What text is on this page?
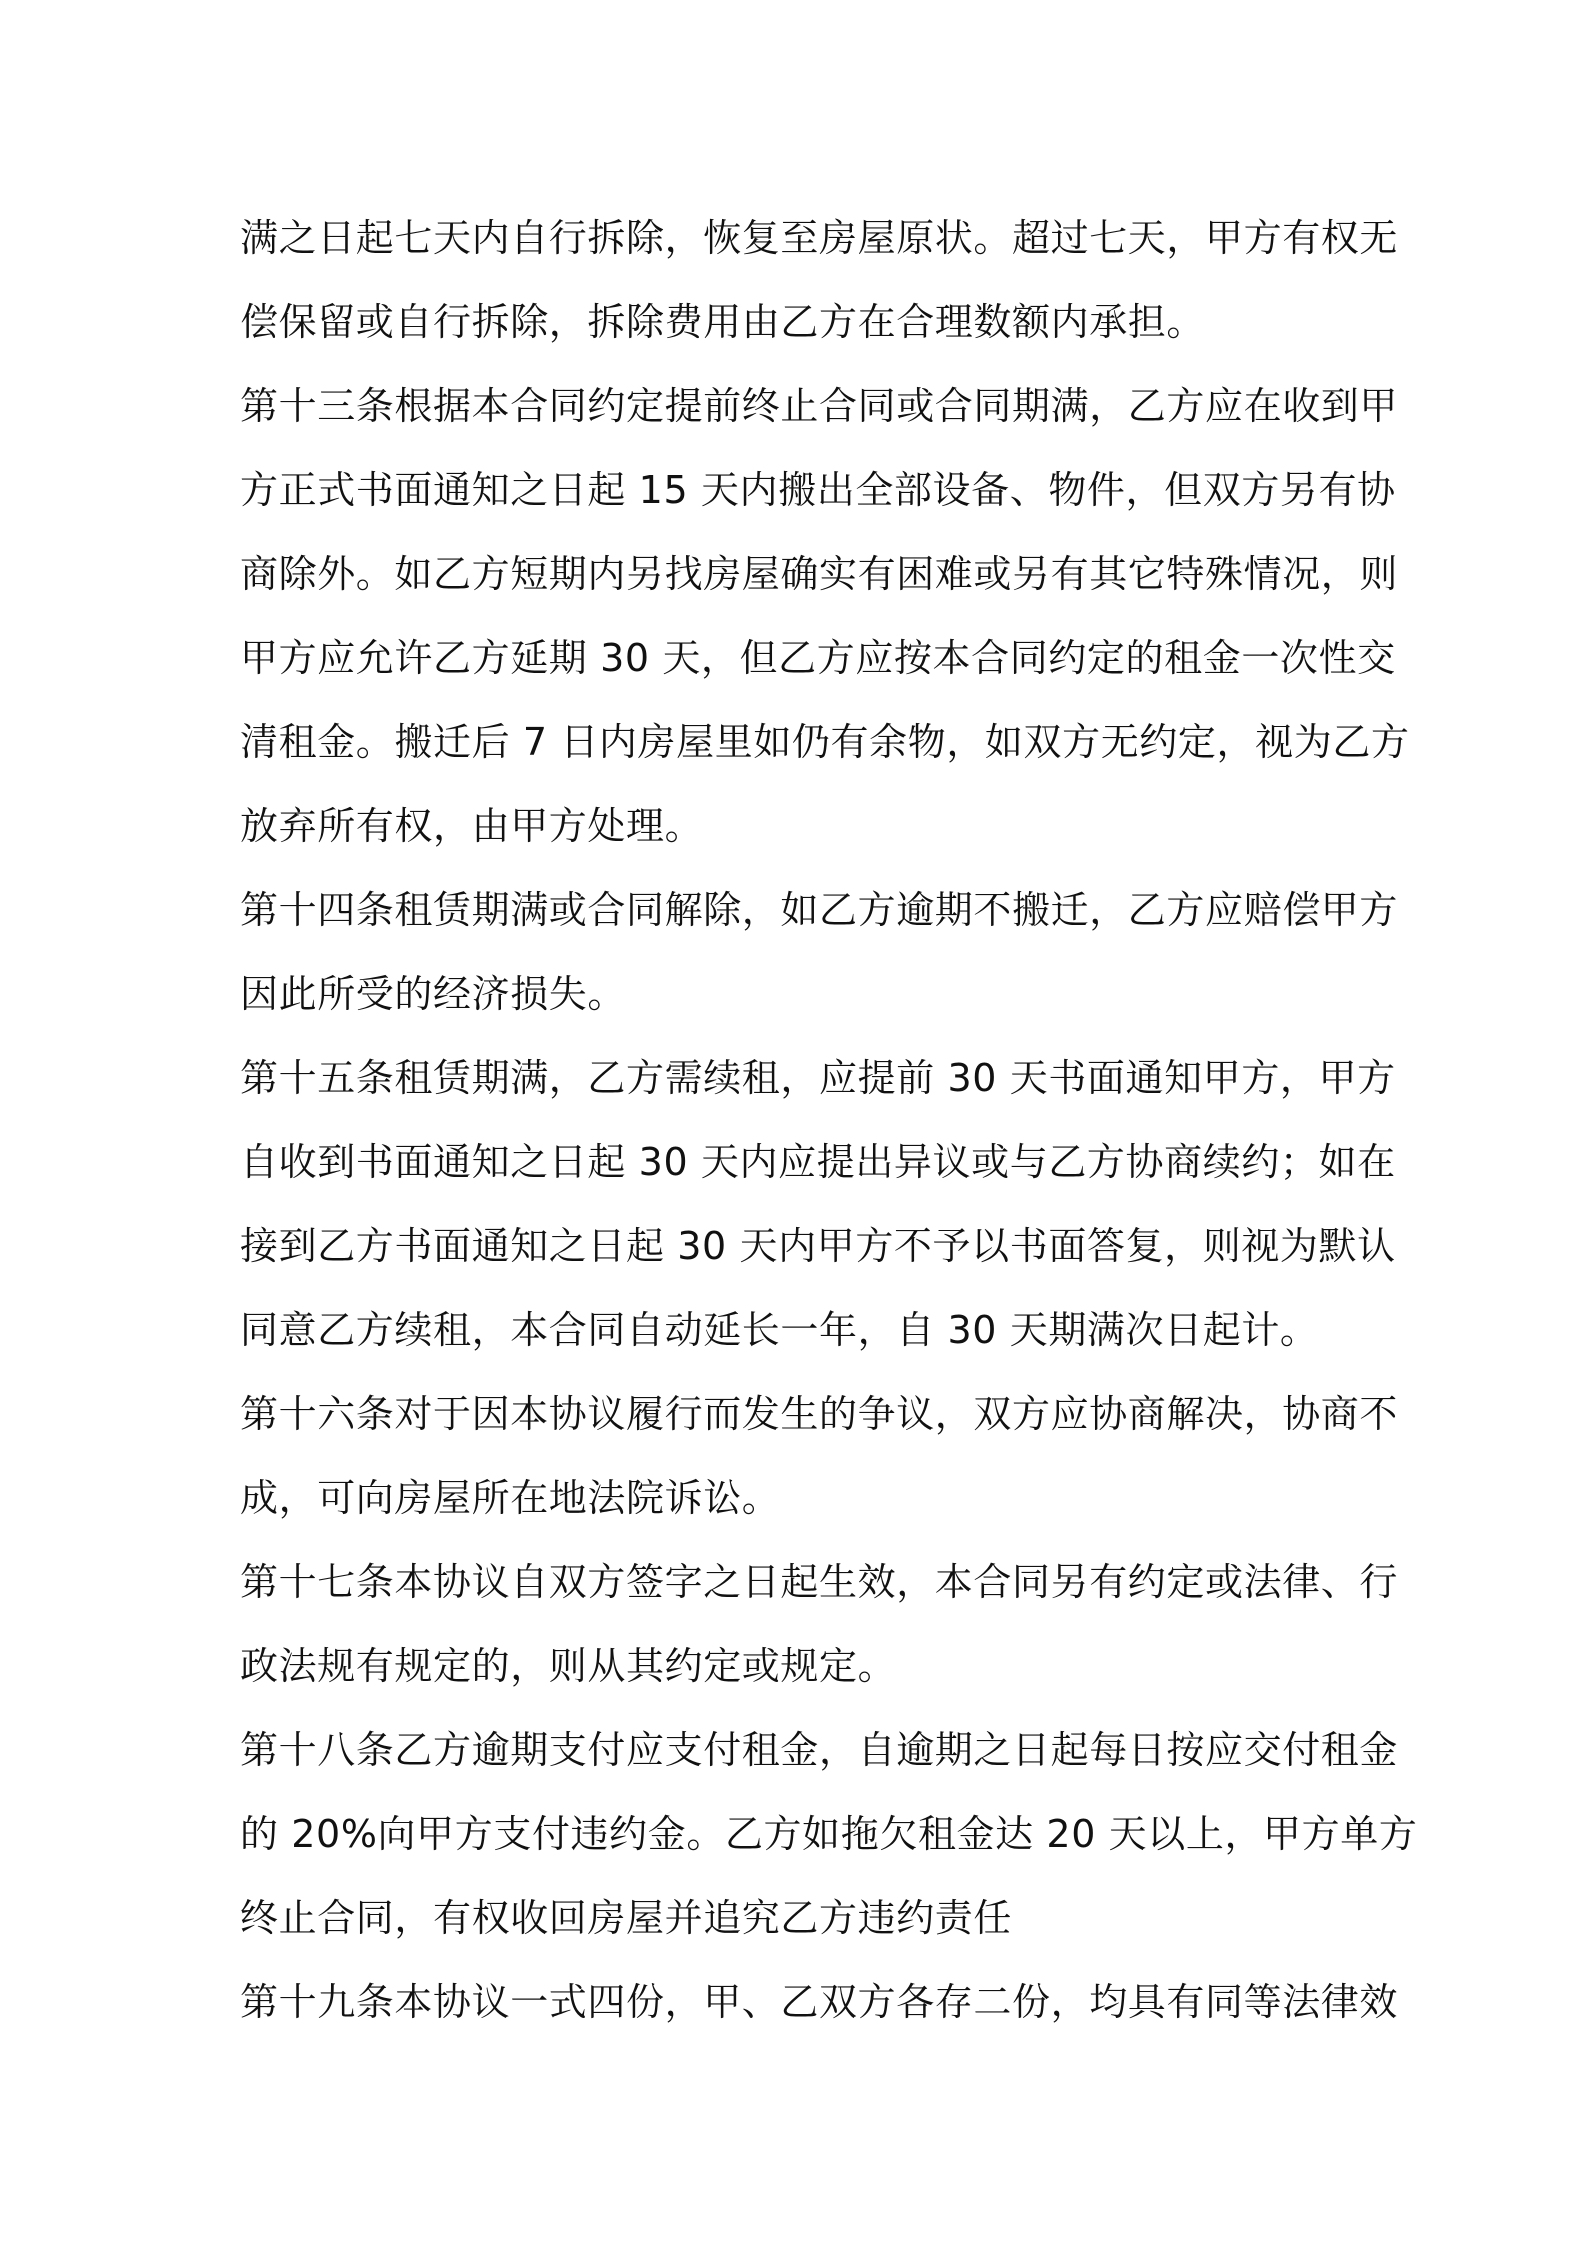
满之日起七天内自行拆除，恢复至房屋原状。超过七天，甲方有权无
偿保留或自行拆除，拆除费用由乙方在合理数额内承担。
第十三条根据本合同约定提前终止合同或合同期满，乙方应在收到甲
方正式书面通知之日起 15 天内搬出全部设备、物件，但双方另有协
商除外。如乙方短期内另找房屋确实有困难或另有其它特殊情况，则
甲方应允许乙方延期 30 天，但乙方应按本合同约定的租金一次性交
清租金。搬迁后 7 日内房屋里如仍有余物，如双方无约定，视为乙方
放弃所有权，由甲方处理。
第十四条租赁期满或合同解除，如乙方逾期不搬迁，乙方应赔偿甲方
因此所受的经济损失。
第十五条租赁期满，乙方需续租，应提前 30 天书面通知甲方，甲方
自收到书面通知之日起 30 天内应提出异议或与乙方协商续约；如在
接到乙方书面通知之日起 30 天内甲方不予以书面答复，则视为默认
同意乙方续租，本合同自动延长一年，自 30 天期满次日起计。
第十六条对于因本协议履行而发生的争议，双方应协商解决，协商不
成，可向房屋所在地法院诉讼。
第十七条本协议自双方签字之日起生效，本合同另有约定或法律、行
政法规有规定的，则从其约定或规定。
第十八条乙方逾期支付应支付租金，自逾期之日起每日按应交付租金
的 20%向甲方支付违约金。乙方如拖欠租金达 20 天以上，甲方单方
终止合同，有权收回房屋并追究乙方违约责任
第十九条本协议一式四份，甲、乙双方各存二份，均具有同等法律效
